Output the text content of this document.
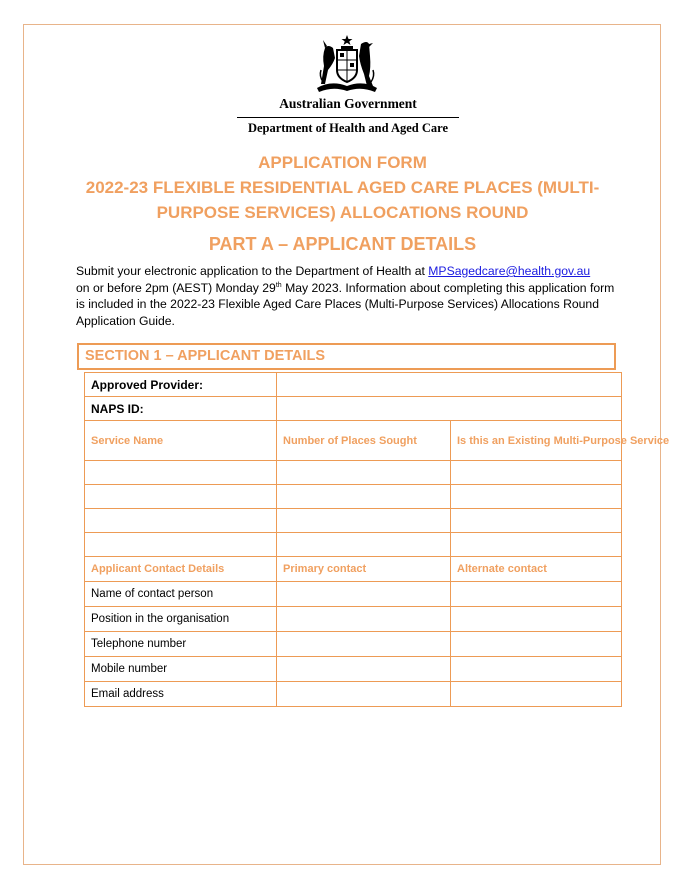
Australian Government
Department of Health and Aged Care
APPLICATION FORM
2022-23 FLEXIBLE RESIDENTIAL AGED CARE PLACES (MULTI-
PURPOSE SERVICES) ALLOCATIONS ROUND
PART A – APPLICANT DETAILS
Submit your electronic application to the Department of Health at MPSagedcare@health.gov.au
on or before 2pm (AEST) Monday 29th May 2023. Information about completing this application form is included in the 2022-23 Flexible Aged Care Places (Multi-Purpose Services) Allocations Round Application Guide.
SECTION 1 – APPLICANT DETAILS
Approved Provider:		
NAPS ID:		
Service Name	Number of Places Sought	Is this an Existing Multi-Purpose Service

Applicant Contact Details	Primary contact	Alternate contact
Name of contact person		
Position in the organisation		
Telephone number		
Mobile number		
Email address		
